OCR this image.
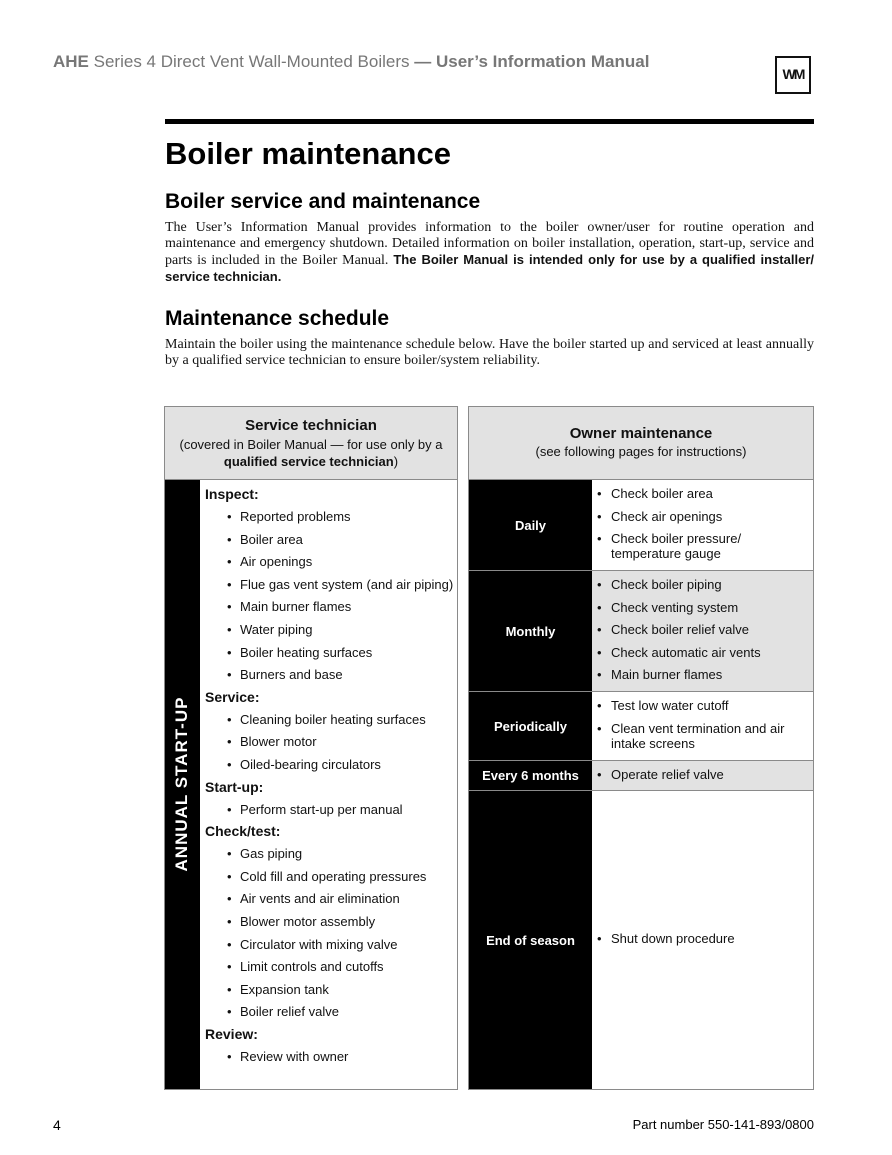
AHE Series 4 Direct Vent Wall-Mounted Boilers — User’s Information Manual
WM
Boiler maintenance
Boiler service and maintenance

The User’s Information Manual provides information to the boiler owner/user for routine operation and maintenance and emergency shutdown. Detailed information on boiler installation, operation, start-up, service and parts is included in the Boiler Manual. The Boiler Manual is intended only for use by a qualified installer/ service technician.

Maintenance schedule

Maintain the boiler using the maintenance schedule below. Have the boiler started up and serviced at least annually by a qualified service technician to ensure boiler/system reliability.

Service technician
(covered in Boiler Manual — for use only by a qualified service technician)
ANNUAL START-UP
Inspect:
• Reported problems
• Boiler area
• Air openings
• Flue gas vent system (and air piping)
• Main burner flames
• Water piping
• Boiler heating surfaces
• Burners and base
Service:
• Cleaning boiler heating surfaces
• Blower motor
• Oiled-bearing circulators
Start-up:
• Perform start-up per manual
Check/test:
• Gas piping
• Cold fill and operating pressures
• Air vents and air elimination
• Blower motor assembly
• Circulator with mixing valve
• Limit controls and cutoffs
• Expansion tank
• Boiler relief valve
Review:
• Review with owner
Owner maintenance
(see following pages for instructions)
Daily
• Check boiler area
• Check air openings
• Check boiler pressure/ temperature gauge
Monthly
• Check boiler piping
• Check venting system
• Check boiler relief valve
• Check automatic air vents
• Main burner flames
Periodically
• Test low water cutoff
• Clean vent termination and air intake screens
Every 6 months	• Operate relief valve
End of season	• Shut down procedure
4	Part number 550-141-893/0800
